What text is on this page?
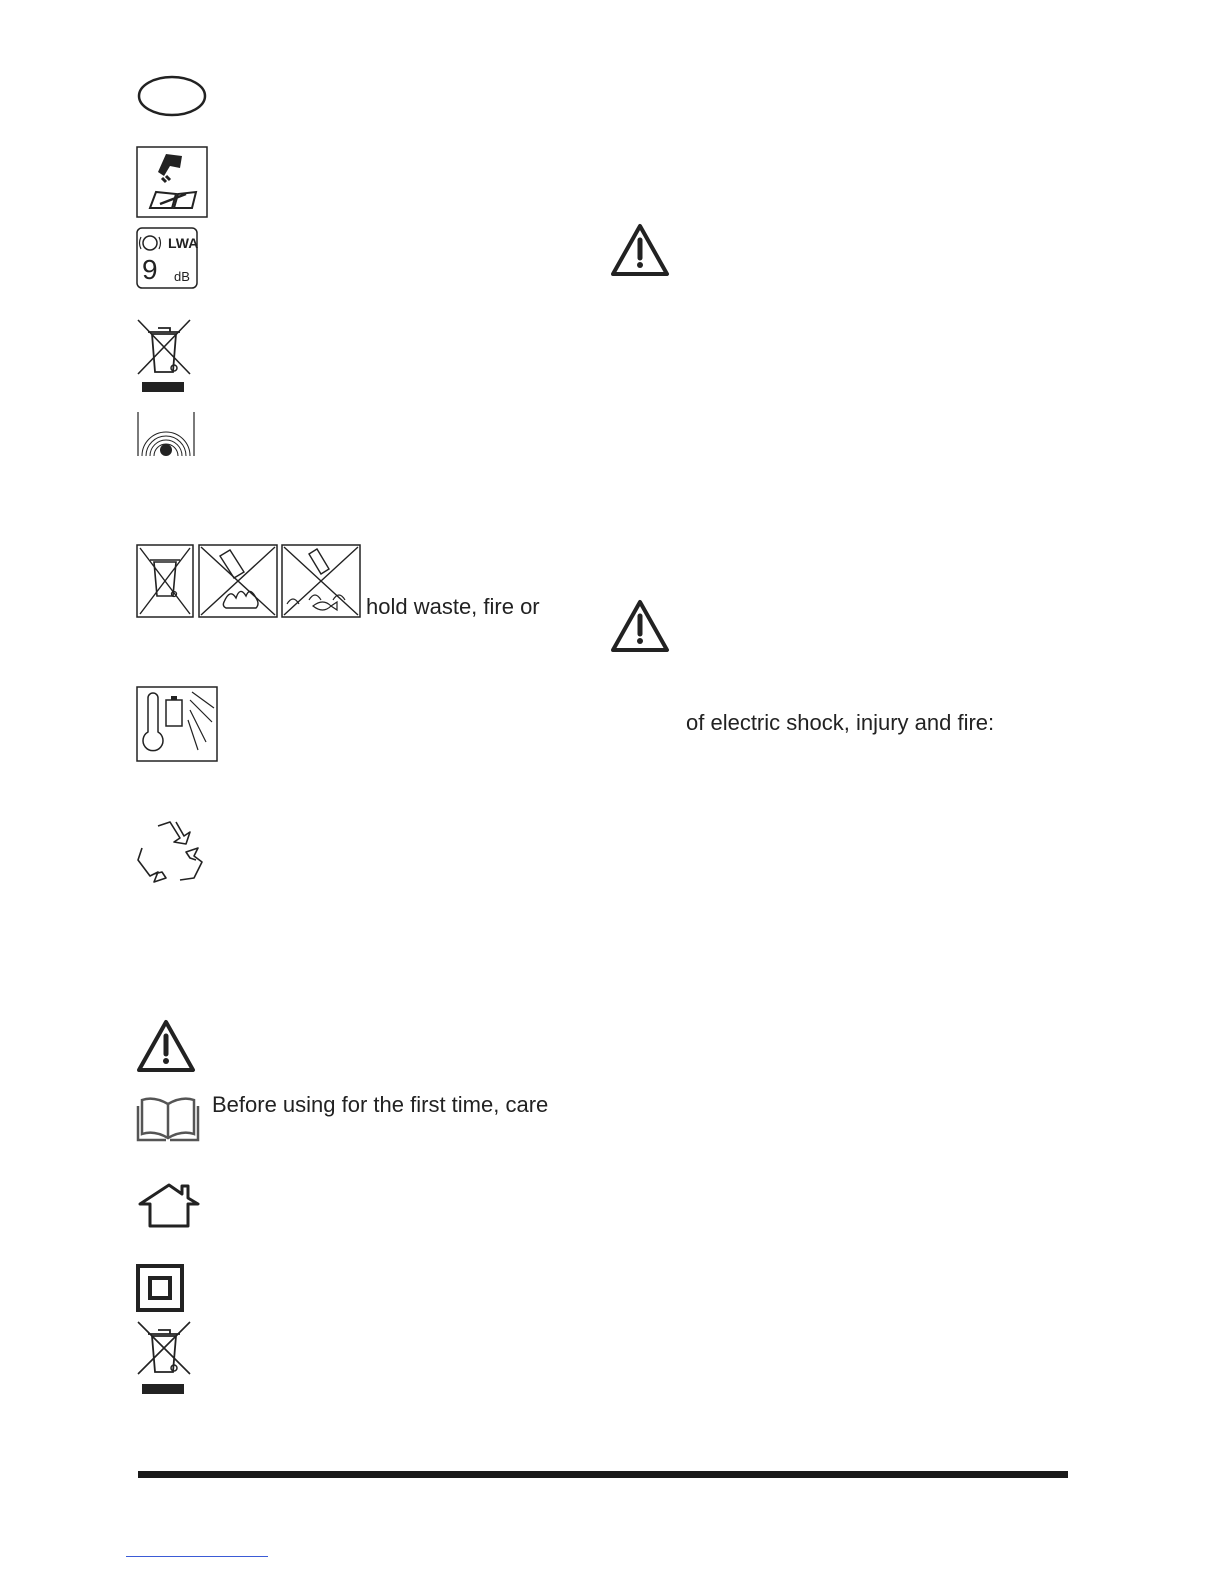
LWA
9 dB
hold waste, fire or
Before using for the first time, care
of electric shock, injury and fire:
